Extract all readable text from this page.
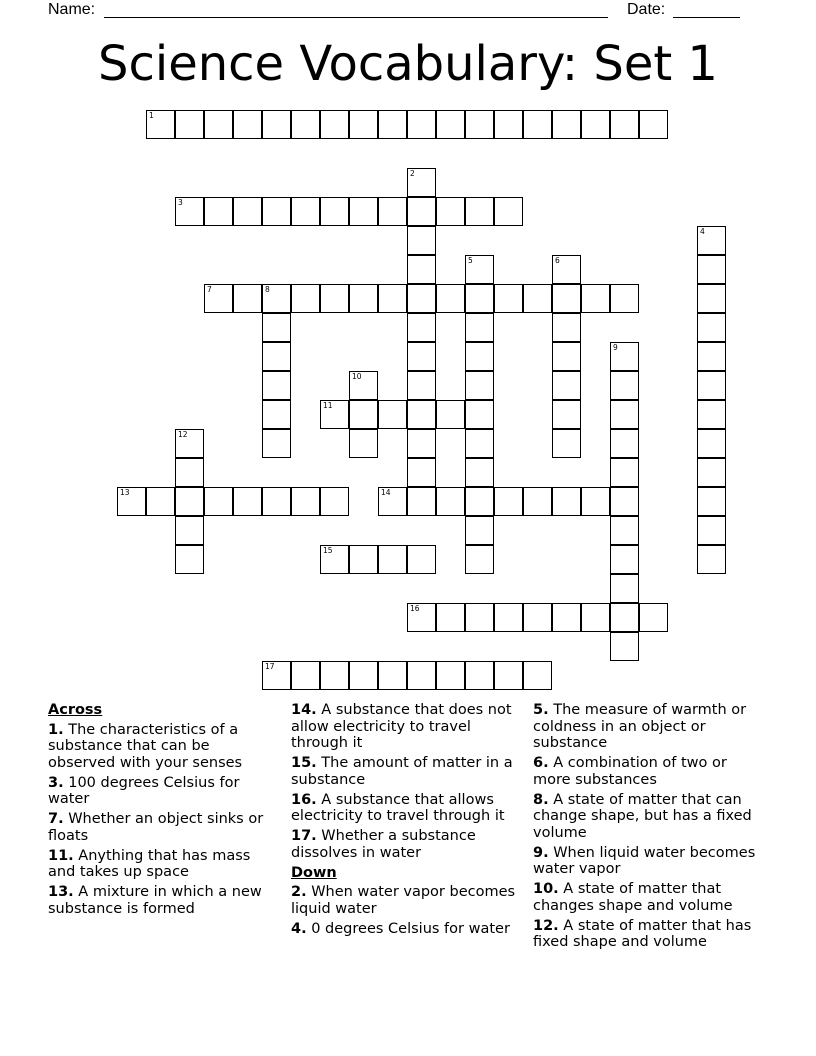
Name:	Date:
Science Vocabulary: Set 1
1
2
3
4
5	6
7	8
9
10
11
12
13	14
15
16
17
Across
1. The characteristics of a substance that can be observed with your senses
3. 100 degrees Celsius for water
7. Whether an object sinks or floats
11. Anything that has mass and takes up space
13. A mixture in which a new substance is formed
14. A substance that does not allow electricity to travel through it
15. The amount of matter in a substance
16. A substance that allows electricity to travel through it
17. Whether a substance dissolves in water
Down
2. When water vapor becomes liquid water
4. 0 degrees Celsius for water
5. The measure of warmth or coldness in an object or substance
6. A combination of two or more substances
8. A state of matter that can change shape, but has a fixed volume
9. When liquid water becomes water vapor
10. A state of matter that changes shape and volume
12. A state of matter that has fixed shape and volume
